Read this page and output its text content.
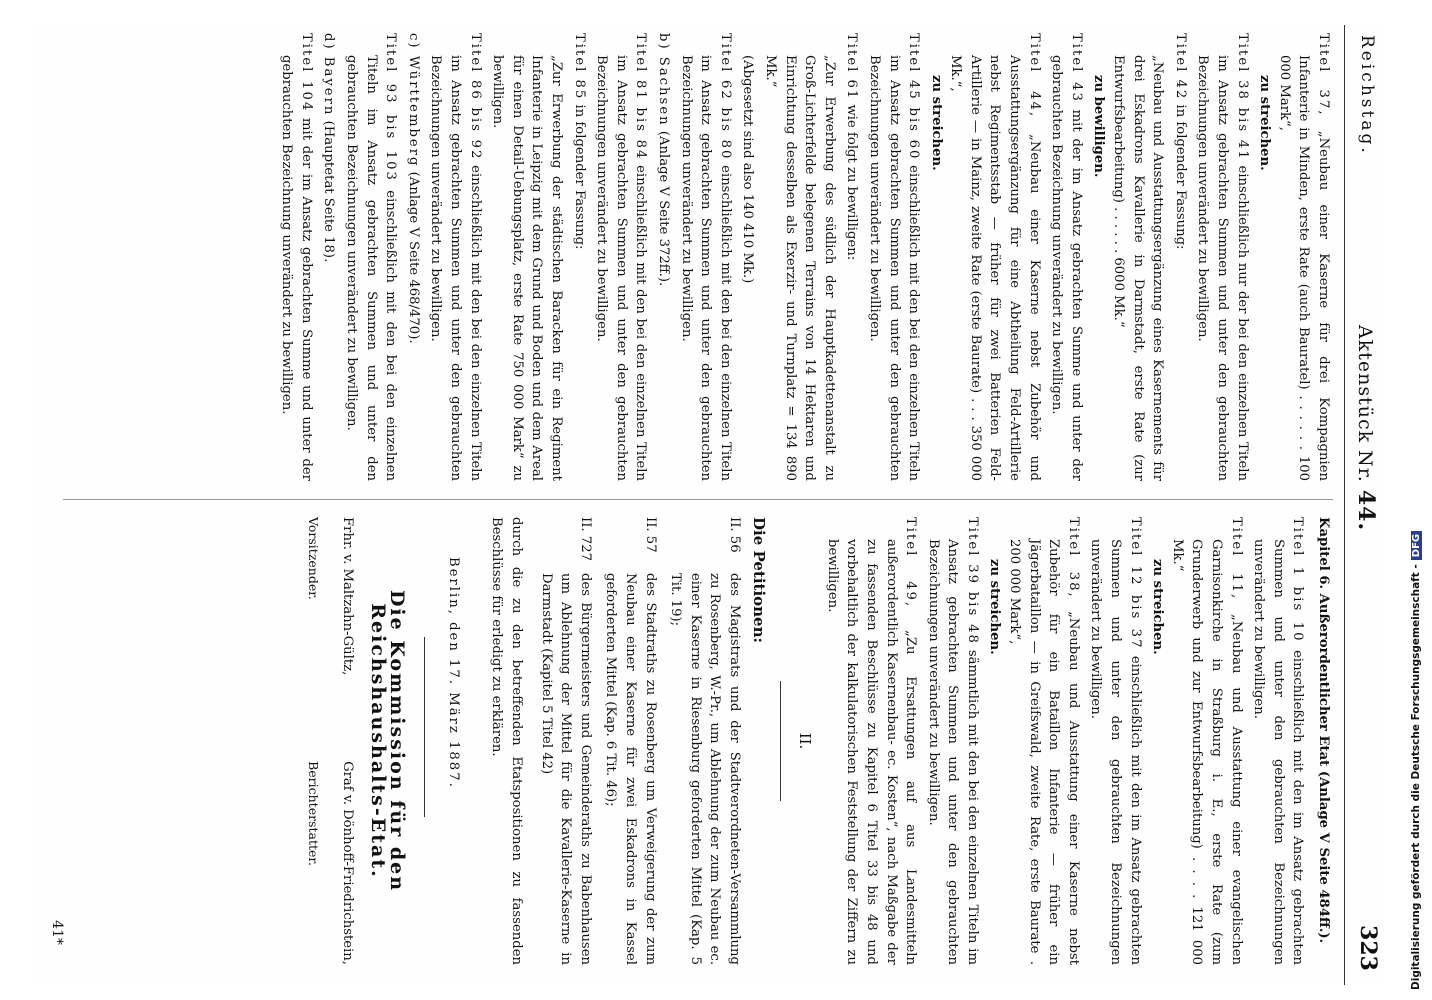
Reichstag.
Aktenstück Nr. 44.
323
Titel 37, „Neubau einer Kaserne für drei Kompagnien Infanterie in Minden, erste Rate (auch Bauratel) . . . . . . 100 000 Mark“,
zu streichen.
Titel 38 bis 41 einschließlich nur der bei den einzelnen Titeln im Ansatz gebrachten Summen und unter den gebrauchten Bezeichnungen unverändert zu bewilligen.
Titel 42 in folgender Fassung:
„Neubau und Ausstattungsergänzung eines Kasernements für drei Eskadrons Kavallerie in Darmstadt, erste Rate (zur Entwurfsbearbeitung) . . . . . . 6000 Mk.“
zu bewilligen.
Titel 43 mit der im Ansatz gebrachten Summe und unter der gebrauchten Bezeichnung unverändert zu bewilligen.
Titel 44, „Neubau einer Kaserne nebst Zubehör und Ausstattungsergänzung für eine Abtheilung Feld-Artillerie nebst Regimentsstab — früher für zwei Batterien Feld-Artillerie — in Mainz, zweite Rate (erste Baurate) . . . 350 000 Mk.“,
zu streichen.
Titel 45 bis 60 einschließlich mit den bei den einzelnen Titeln im Ansatz gebrachten Summen und unter den gebrauchten Bezeichnungen unverändert zu bewilligen.
Titel 61 wie folgt zu bewilligen:
„Zur Erwerbung des südlich der Hauptkadettenanstalt zu Groß-Lichterfelde belegenen Terrains von 14 Hektaren und Einrichtung desselben als Exerzir- und Turnplatz = 134 890 Mk.“
(Abgesetzt sind also 140 410 Mk.)
Titel 62 bis 80 einschließlich mit den bei den einzelnen Titeln im Ansatz gebrachten Summen und unter den gebrauchten Bezeichnungen unverändert zu bewilligen.
b) Sachsen (Anlage V Seite 372ff.).
Titel 81 bis 84 einschließlich mit den bei den einzelnen Titeln im Ansatz gebrachten Summen und unter den gebrauchten Bezeichnungen unverändert zu bewilligen.
Titel 85 in folgender Fassung:
„Zur Erwerbung der städtischen Baracken für ein Regiment Infanterie in Leipzig mit dem Grund und Boden und dem Areal für einen Detail-Uebungsplatz, erste Rate 750 000 Mark“ zu bewilligen.
Titel 86 bis 92 einschließlich mit den bei den einzelnen Titeln im Ansatz gebrachten Summen und unter den gebrauchten Bezeichnungen unverändert zu bewilligen.
c) Württemberg (Anlage V Seite 468/470).
Titel 93 bis 103 einschließlich mit den bei den einzelnen Titeln im Ansatz gebrachten Summen und unter den gebrauchten Bezeichnungen unverändert zu bewilligen.
d) Bayern (Hauptetat Seite 18).
Titel 104 mit der im Ansatz gebrachten Summe und unter der gebrauchten Bezeichnung unverändert zu bewilligen.
Kapitel 6. Außerordentlicher Etat (Anlage V Seite 484ff.).
Titel 1 bis 10 einschließlich mit den im Ansatz gebrachten Summen und unter den gebrauchten Bezeichnungen unverändert zu bewilligen.
Titel 11, „Neubau und Ausstattung einer evangelischen Garnisonkirche in Straßburg i. E., erste Rate (zum Grunderwerb und zur Entwurfsbearbeitung) . . . . 121 000 Mk.“
zu streichen.
Titel 12 bis 37 einschließlich mit den im Ansatz gebrachten Summen und unter den gebrauchten Bezeichnungen unverändert zu bewilligen.
Titel 38, „Neubau und Ausstattung einer Kaserne nebst Zubehör für ein Bataillon Infanterie — früher ein Jägerbataillon — in Greifswald, zweite Rate, erste Baurate . 200 000 Mark“,
zu streichen.
Titel 39 bis 48 sämmtlich mit den bei den einzelnen Titeln im Ansatz gebrachten Summen und unter den gebrauchten Bezeichnungen unverändert zu bewilligen.
Titel 49, „Zu Ersattungen auf aus Landesmitteln außerordentlich Kasernenbau- ec. Kosten“, nach Maßgabe der zu fassenden Beschlüsse zu Kapitel 6 Titel 33 bis 48 und vorbehaltlich der kalkulatorischen Feststellung der Ziffern zu bewilligen.
II.
Die Petitionen:
II. 56
des Magistrats und der Stadtverordneten-Versammlung zu Rosenberg, W.-Pr., um Ablehnung der zum Neubau ec. einer Kaserne in Riesenburg geforderten Mittel (Kap. 5 Tit. 19);
II. 57
des Stadtraths zu Rosenberg um Verweigerung der zum Neubau einer Kaserne für zwei Eskadrons in Kassel geforderten Mittel (Kap. 6 Tit. 46);
II. 727
des Bürgermeisters und Gemeinderaths zu Babenhausen um Ablehnung der Mittel für die Kavallerie-Kaserne in Darmstadt (Kapitel 5 Titel 42)
durch die zu den betreffenden Etatspositionen zu fassenden Beschlüsse für erledigt zu erklären.
Berlin, den 17. März 1887.
Die Kommission für den Reichshaushalts-Etat.
Frhr. v. Maltzahn-Gültz,
Vorsitzender.
Graf v. Dönhoff-Friedrichstein,
Berichterstatter.
41*	Digitalisierung gefördert durch die Deutsche Forschungsgemeinschaft -DFG
